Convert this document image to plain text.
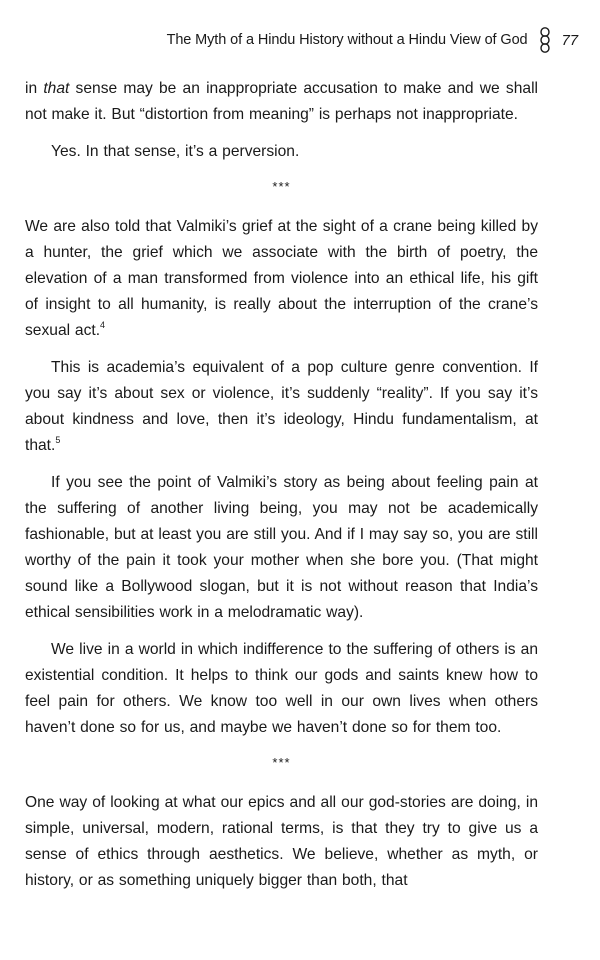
The Myth of a Hindu History without a Hindu View of God 77

in that sense may be an inappropriate accusation to make and we shall not make it. But “distortion from meaning” is perhaps not inappropriate.

Yes. In that sense, it’s a perversion.

***

We are also told that Valmiki’s grief at the sight of a crane being killed by a hunter, the grief which we associate with the birth of poetry, the elevation of a man transformed from violence into an ethical life, his gift of insight to all humanity, is really about the interruption of the crane’s sexual act.$^4$

This is academia’s equivalent of a pop culture genre convention. If you say it’s about sex or violence, it’s suddenly “reality”. If you say it’s about kindness and love, then it’s ideology, Hindu fundamentalism, at that.$^5$

If you see the point of Valmiki’s story as being about feeling pain at the suffering of another living being, you may not be academically fashionable, but at least you are still you. And if I may say so, you are still worthy of the pain it took your mother when she bore you. (That might sound like a Bollywood slogan, but it is not without reason that India’s ethical sensibilities work in a melodramatic way).

We live in a world in which indifference to the suffering of others is an existential condition. It helps to think our gods and saints knew how to feel pain for others. We know too well in our own lives when others haven’t done so for us, and maybe we haven’t done so for them too.

***

One way of looking at what our epics and all our god-stories are doing, in simple, universal, modern, rational terms, is that they try to give us a sense of ethics through aesthetics. We believe, whether as myth, or history, or as something uniquely bigger than both, that
